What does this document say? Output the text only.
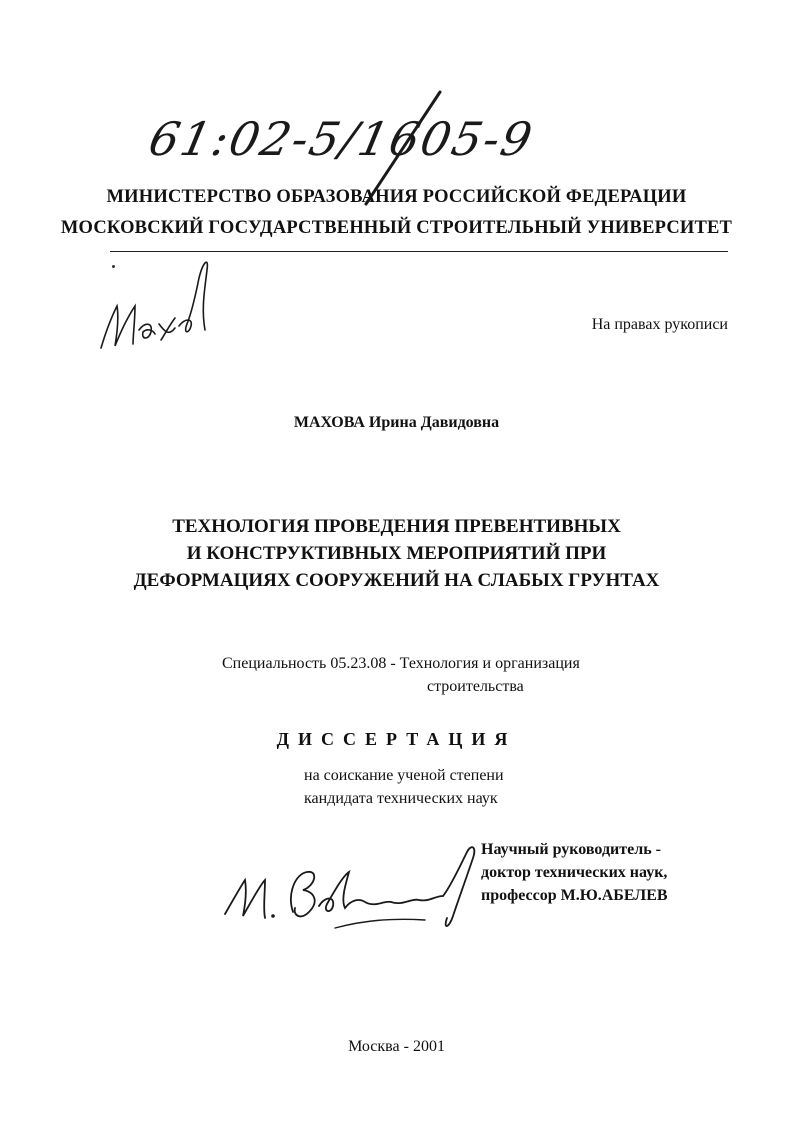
61:02-5/1605-9
МИНИСТЕРСТВО ОБРАЗОВАНИЯ РОССИЙСКОЙ ФЕДЕРАЦИИ
МОСКОВСКИЙ ГОСУДАРСТВЕННЫЙ СТРОИТЕЛЬНЫЙ УНИВЕРСИТЕТ
На правах рукописи
МАХОВА Ирина Давидовна
ТЕХНОЛОГИЯ ПРОВЕДЕНИЯ ПРЕВЕНТИВНЫХ
И КОНСТРУКТИВНЫХ МЕРОПРИЯТИЙ ПРИ
ДЕФОРМАЦИЯХ СООРУЖЕНИЙ НА СЛАБЫХ ГРУНТАХ
Специальность 05.23.08 - Технология и организация
строительства
ДИССЕРТАЦИЯ
на соискание ученой степени
кандидата технических наук
Научный руководитель -
доктор технических наук,
профессор М.Ю.АБЕЛЕВ
Москва - 2001
